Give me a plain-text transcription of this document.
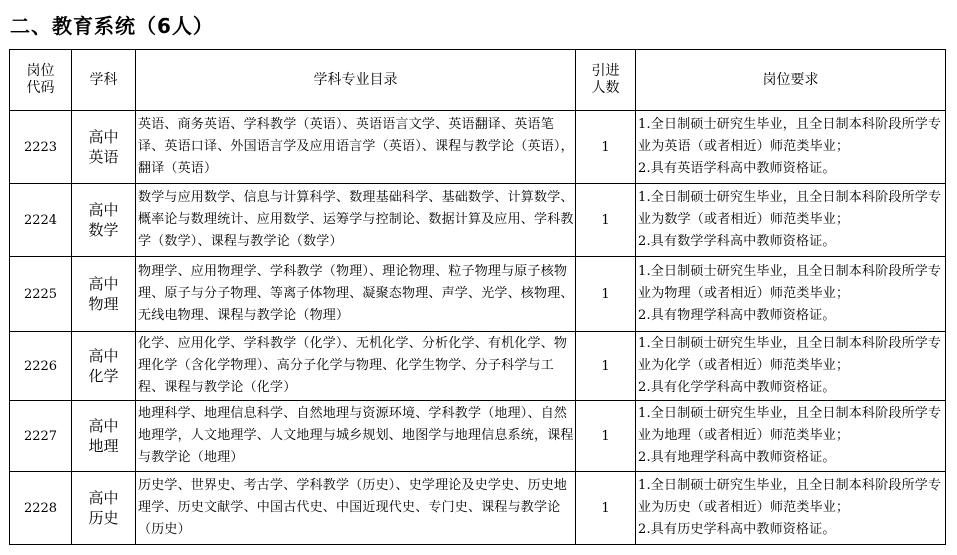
二、教育系统（6人）
岗位代码	学科	学科专业目录	引进人数	岗位要求
2223	高中英语	英语、商务英语、学科教学（英语）、英语语言文学、英语翻译、英语笔译、英语口译、外国语言学及应用语言学（英语）、课程与教学论（英语），翻译（英语）	1	1.全日制硕士研究生毕业，且全日制本科阶段所学专业为英语（或者相近）师范类毕业；
2.具有英语学科高中教师资格证。

2224	高中数学	数学与应用数学、信息与计算科学、数理基础科学、基础数学、计算数学、概率论与数理统计、应用数学、运筹学与控制论、数据计算及应用、学科教学（数学）、课程与教学论（数学）	1	1.全日制硕士研究生毕业，且全日制本科阶段所学专业为数学（或者相近）师范类毕业；
2.具有数学学科高中教师资格证。

2225	高中物理	物理学、应用物理学、学科教学（物理）、理论物理、粒子物理与原子核物理、原子与分子物理、等离子体物理、凝聚态物理、声学、光学、核物理、无线电物理、课程与教学论（物理）	1	1.全日制硕士研究生毕业，且全日制本科阶段所学专业为物理（或者相近）师范类毕业；
2.具有物理学科高中教师资格证。

2226	高中化学	化学、应用化学、学科教学（化学）、无机化学、分析化学、有机化学、物理化学（含化学物理）、高分子化学与物理、化学生物学、分子科学与工程、课程与教学论（化学）	1	1.全日制硕士研究生毕业，且全日制本科阶段所学专业为化学（或者相近）师范类毕业；
2.具有化学学科高中教师资格证。

2227	高中地理	地理科学、地理信息科学、自然地理与资源环境、学科教学（地理）、自然地理学，人文地理学、人文地理与城乡规划、地图学与地理信息系统，课程与教学论（地理）	1	1.全日制硕士研究生毕业，且全日制本科阶段所学专业为地理（或者相近）师范类毕业；
2.具有地理学科高中教师资格证。

2228	高中历史	历史学、世界史、考古学、学科教学（历史）、史学理论及史学史、历史地理学、历史文献学、中国古代史、中国近现代史、专门史、课程与教学论（历史）	1	1.全日制硕士研究生毕业，且全日制本科阶段所学专业为历史（或者相近）师范类毕业；
2.具有历史学科高中教师资格证。
